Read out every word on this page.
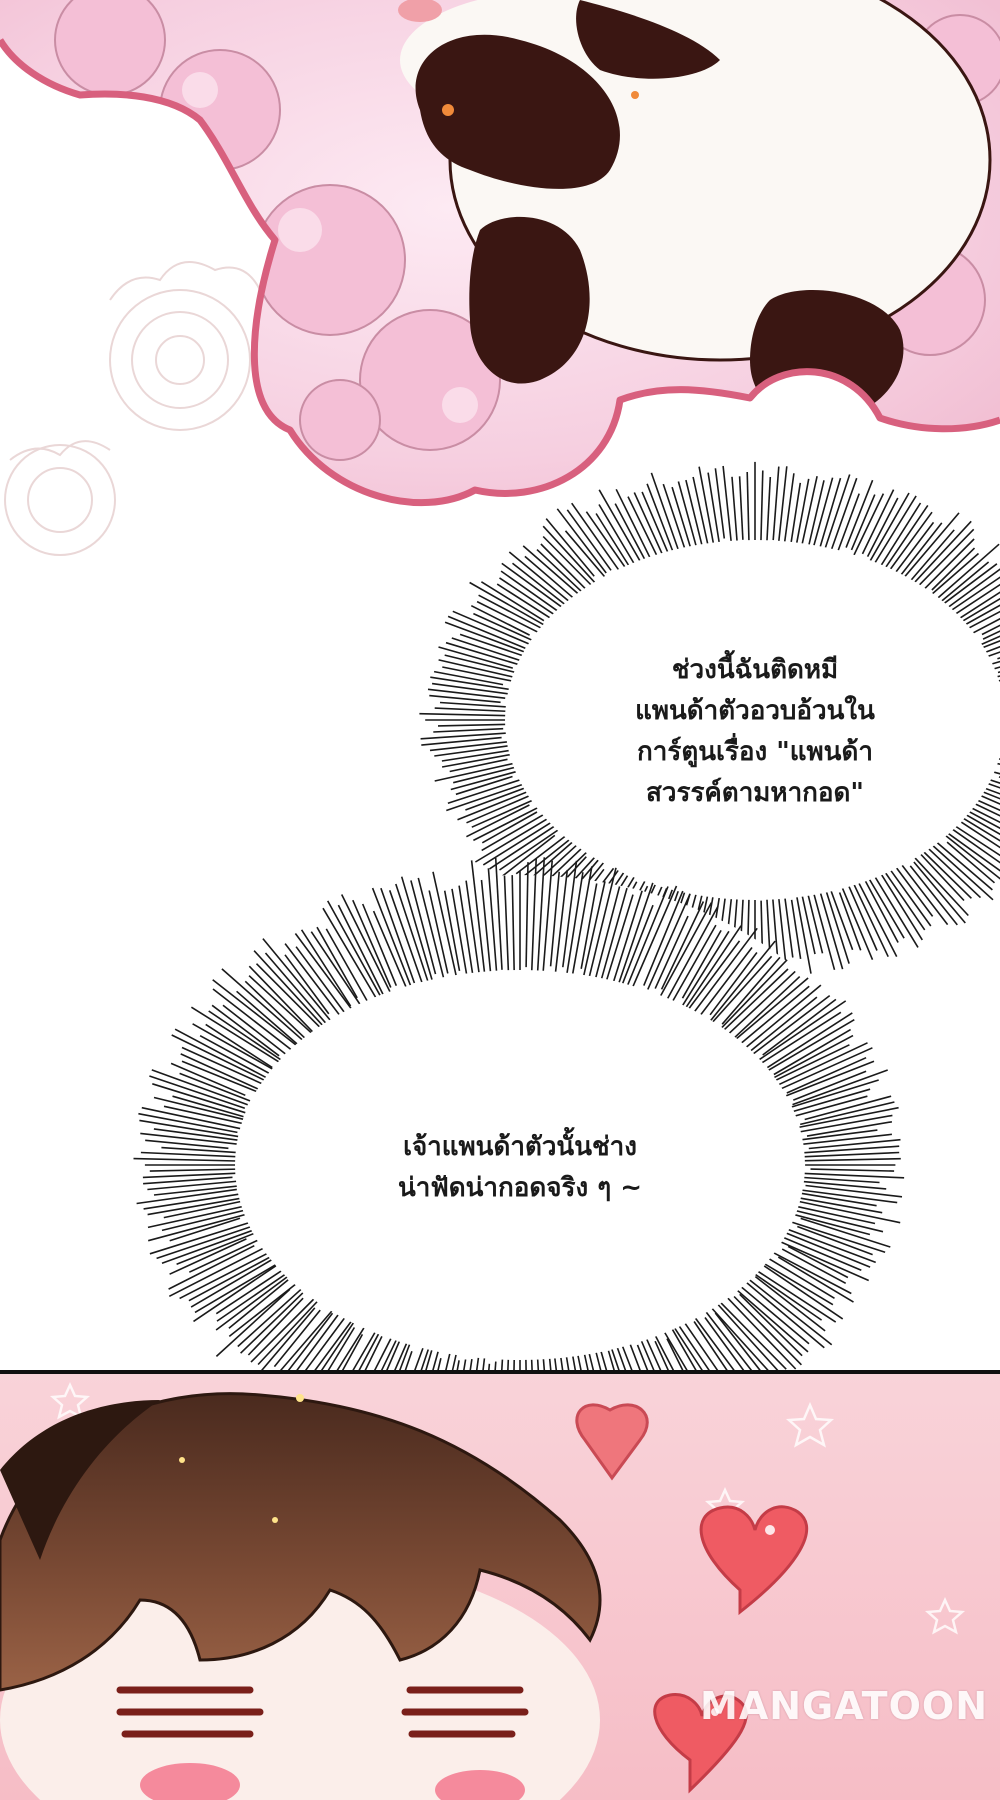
ช่วงนี้ฉันติดหมี
แพนด้าตัวอวบอ้วนใน
การ์ตูนเรื่อง "แพนด้า
สวรรค์ตามหากอด"
เจ้าแพนด้าตัวนั้นช่าง
น่าฟัดน่ากอดจริง ๆ ~
MANGATOON
